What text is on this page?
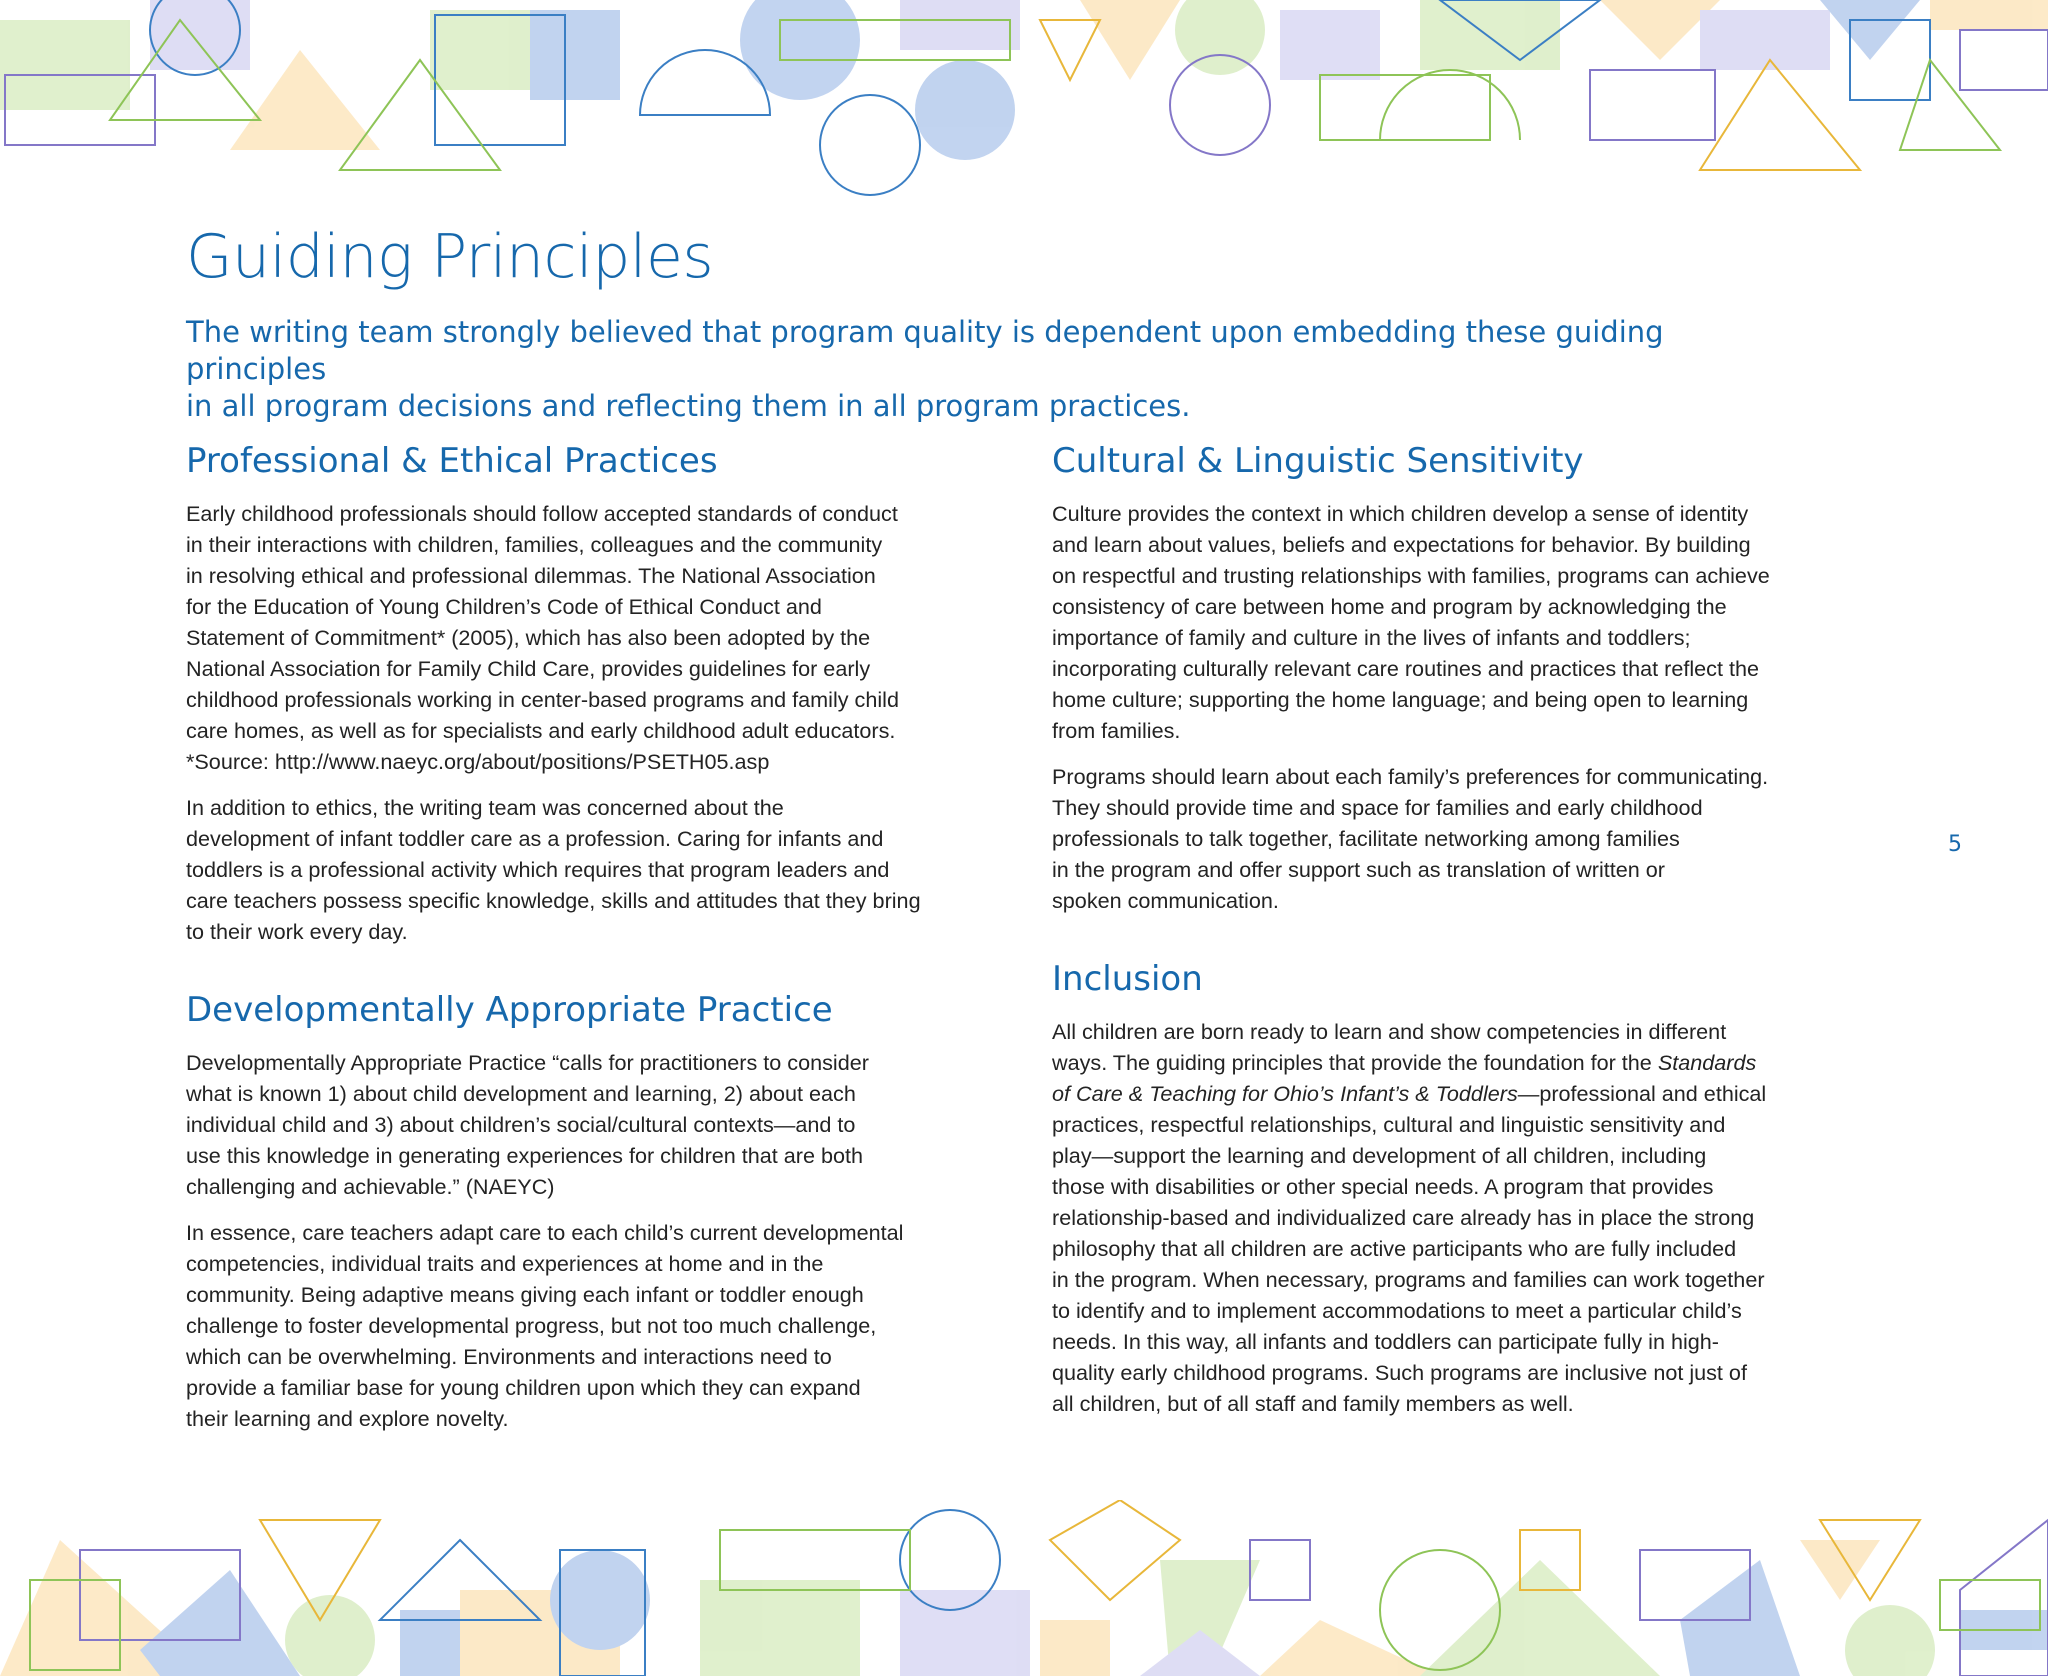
Guiding Principles

The writing team strongly believed that program quality is dependent upon embedding these guiding principles
in all program decisions and reflecting them in all program practices.

Professional & Ethical Practices

Early childhood professionals should follow accepted standards of conduct
in their interactions with children, families, colleagues and the community
in resolving ethical and professional dilemmas. The National Association
for the Education of Young Children’s Code of Ethical Conduct and
Statement of Commitment* (2005), which has also been adopted by the
National Association for Family Child Care, provides guidelines for early
childhood professionals working in center-based programs and family child
care homes, as well as for specialists and early childhood adult educators.
*Source: http://www.naeyc.org/about/positions/PSETH05.asp

In addition to ethics, the writing team was concerned about the
development of infant toddler care as a profession. Caring for infants and
toddlers is a professional activity which requires that program leaders and
care teachers possess specific knowledge, skills and attitudes that they bring
to their work every day.

Developmentally Appropriate Practice

Developmentally Appropriate Practice “calls for practitioners to consider
what is known 1) about child development and learning, 2) about each
individual child and 3) about children’s social/cultural contexts—and to
use this knowledge in generating experiences for children that are both
challenging and achievable.” (NAEYC)

In essence, care teachers adapt care to each child’s current developmental
competencies, individual traits and experiences at home and in the
community. Being adaptive means giving each infant or toddler enough
challenge to foster developmental progress, but not too much challenge,
which can be overwhelming. Environments and interactions need to
provide a familiar base for young children upon which they can expand
their learning and explore novelty.

Cultural & Linguistic Sensitivity

Culture provides the context in which children develop a sense of identity
and learn about values, beliefs and expectations for behavior. By building
on respectful and trusting relationships with families, programs can achieve
consistency of care between home and program by acknowledging the
importance of family and culture in the lives of infants and toddlers;
incorporating culturally relevant care routines and practices that reflect the
home culture; supporting the home language; and being open to learning
from families.

Programs should learn about each family’s preferences for communicating.
They should provide time and space for families and early childhood
professionals to talk together, facilitate networking among families
in the program and offer support such as translation of written or
spoken communication.

Inclusion

All children are born ready to learn and show competencies in different
ways. The guiding principles that provide the foundation for the Standards
of Care & Teaching for Ohio’s Infant’s & Toddlers—professional and ethical
practices, respectful relationships, cultural and linguistic sensitivity and
play—support the learning and development of all children, including
those with disabilities or other special needs. A program that provides
relationship-based and individualized care already has in place the strong
philosophy that all children are active participants who are fully included
in the program. When necessary, programs and families can work together
to identify and to implement accommodations to meet a particular child’s
needs. In this way, all infants and toddlers can participate fully in high-
quality early childhood programs. Such programs are inclusive not just of
all children, but of all staff and family members as well.

5
